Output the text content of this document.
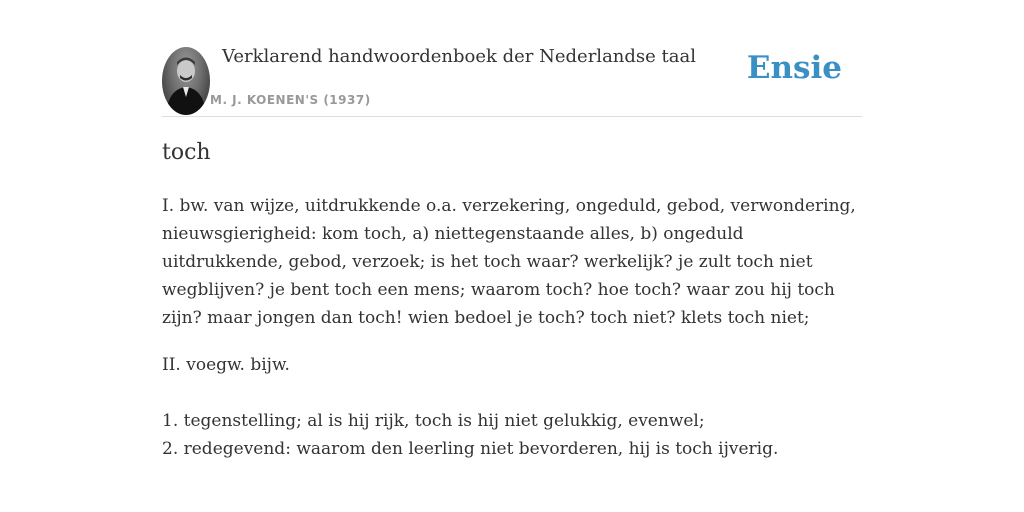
Verklarend handwoordenboek der Nederlandse taal
M. J. KOENEN'S (1937)
Ensie
toch

I. bw. van wijze, uitdrukkende o.a. verzekering, ongeduld, gebod, verwondering, nieuwsgierigheid: kom toch, a) niettegenstaande alles, b) ongeduld uitdrukkende, gebod, verzoek; is het toch waar? werkelijk? je zult toch niet wegblijven? je bent toch een mens; waarom toch? hoe toch? waar zou hij toch zijn? maar jongen dan toch! wien bedoel je toch? toch niet? klets toch niet;

II. voegw. bijw.

1. tegenstelling; al is hij rijk, toch is hij niet gelukkig, evenwel;
2. redegevend: waarom den leerling niet bevorderen, hij is toch ijverig.
